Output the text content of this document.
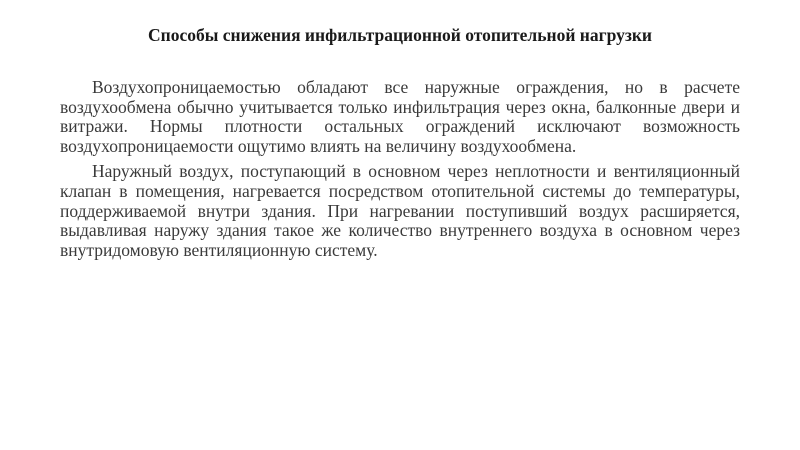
Способы снижения инфильтрационной отопительной нагрузки

Воздухопроницаемостью обладают все наружные ограждения, но в расчете воздухообмена обычно учитывается только инфильтрация через окна, балконные двери и витражи. Нормы плотности остальных ограждений исключают возможность воздухопроницаемости ощутимо влиять на величину воздухообмена.

Наружный воздух, поступающий в основном через неплотности и вентиляционный клапан в помещения, нагревается посредством отопительной системы до температуры, поддерживаемой внутри здания. При нагревании поступивший воздух расширяется, выдавливая наружу здания такое же количество внутреннего воздуха в основном через внутридомовую вентиляционную систему.
